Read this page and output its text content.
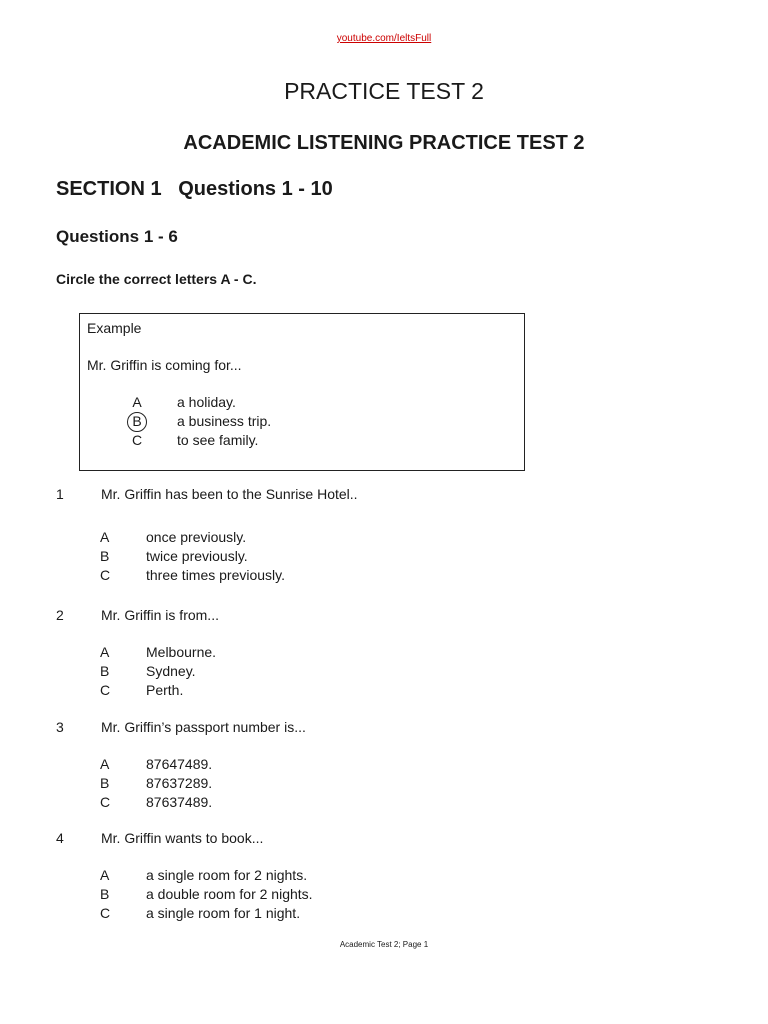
youtube.com/IeltsFull
PRACTICE TEST 2
ACADEMIC LISTENING PRACTICE TEST 2
SECTION 1   Questions 1 - 10
Questions 1 - 6
Circle the correct letters A - C.
Example
Mr. Griffin is coming for...
A	a holiday.
B	a business trip.
C to see family.
1	Mr. Griffin has been to the Sunrise Hotel..
A	once previously.
B	twice previously.
C	three times previously.
2	Mr. Griffin is from...
A	Melbourne.
B	Sydney.
C	Perth.
3	Mr. Griffin’s passport number is...
A	87647489.
B	87637289.
C	87637489.
4	Mr. Griffin wants to book...
A	a single room for 2 nights.
B	a double room for 2 nights.
C	a single room for 1 night.
Academic Test 2; Page 1
